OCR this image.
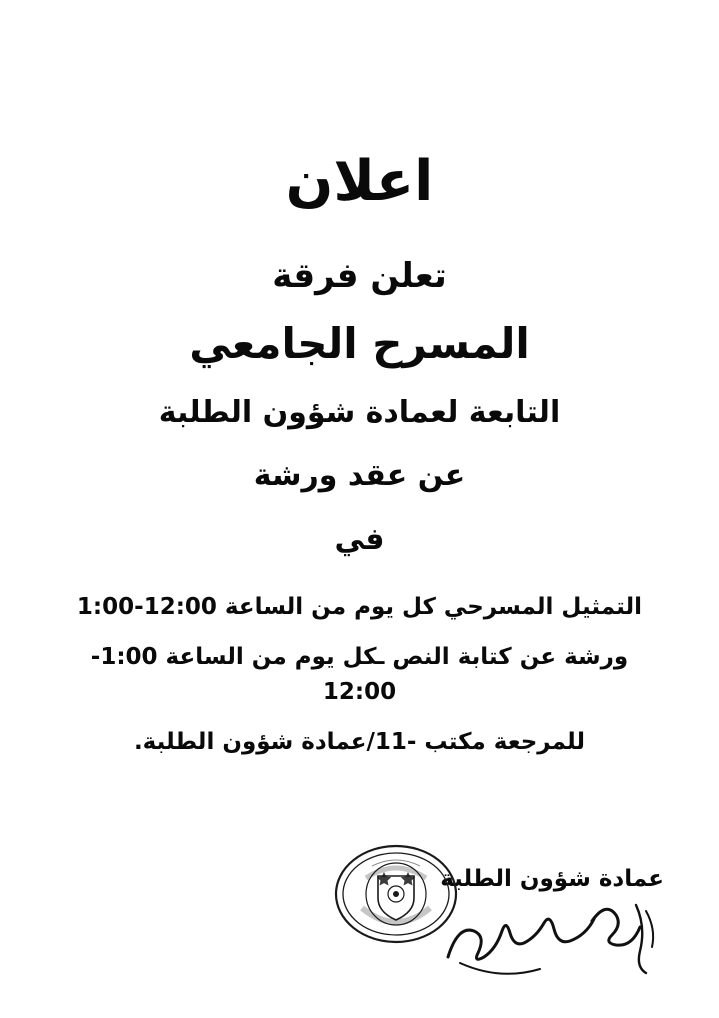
اعلان
تعلن فرقة
المسرح الجامعي
التابعة لعمادة شؤون الطلبة
عن عقد ورشة
في
التمثيل المسرحي كل يوم من الساعة 12:00-1:00
ورشة عن كتابة النص ـكل يوم من الساعة 1:00-12:00
للمرجعة مكتب -11/عمادة شؤون الطلبة.
عمادة شؤون الطلبة
